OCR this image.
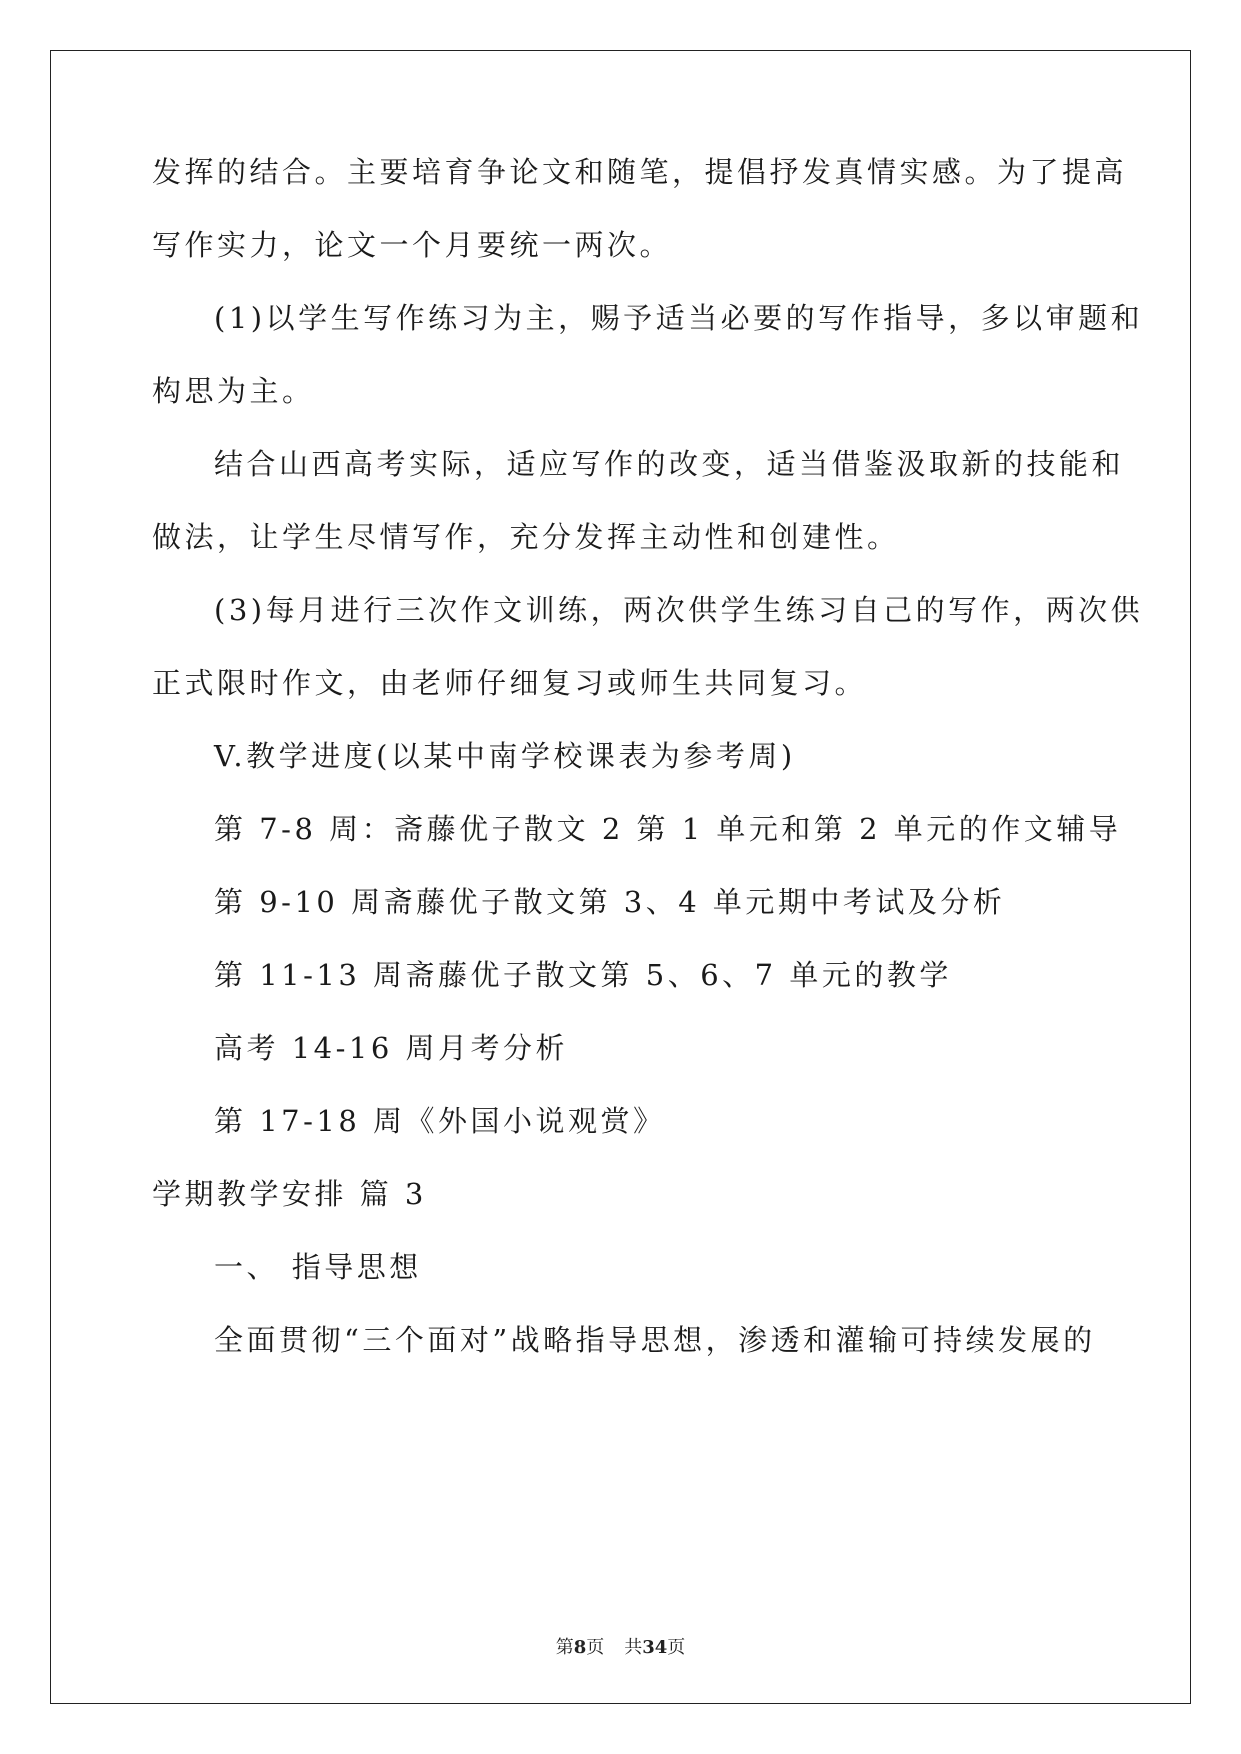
发挥的结合。主要培育争论文和随笔，提倡抒发真情实感。为了提高
写作实力，论文一个月要统一两次。
(1)以学生写作练习为主，赐予适当必要的写作指导，多以审题和
构思为主。
结合山西高考实际，适应写作的改变，适当借鉴汲取新的技能和
做法，让学生尽情写作，充分发挥主动性和创建性。
(3)每月进行三次作文训练，两次供学生练习自己的写作，两次供
正式限时作文，由老师仔细复习或师生共同复习。
V.教学进度(以某中南学校课表为参考周)
第 7-8 周：斋藤优子散文 2 第 1 单元和第 2 单元的作文辅导
第 9-10 周斋藤优子散文第 3、4 单元期中考试及分析
第 11-13 周斋藤优子散文第 5、6、7 单元的教学
高考 14-16 周月考分析
第 17-18 周《外国小说观赏》
学期教学安排 篇 3
一、 指导思想
全面贯彻“三个面对”战略指导思想，渗透和灌输可持续发展的
第8页 共34页
